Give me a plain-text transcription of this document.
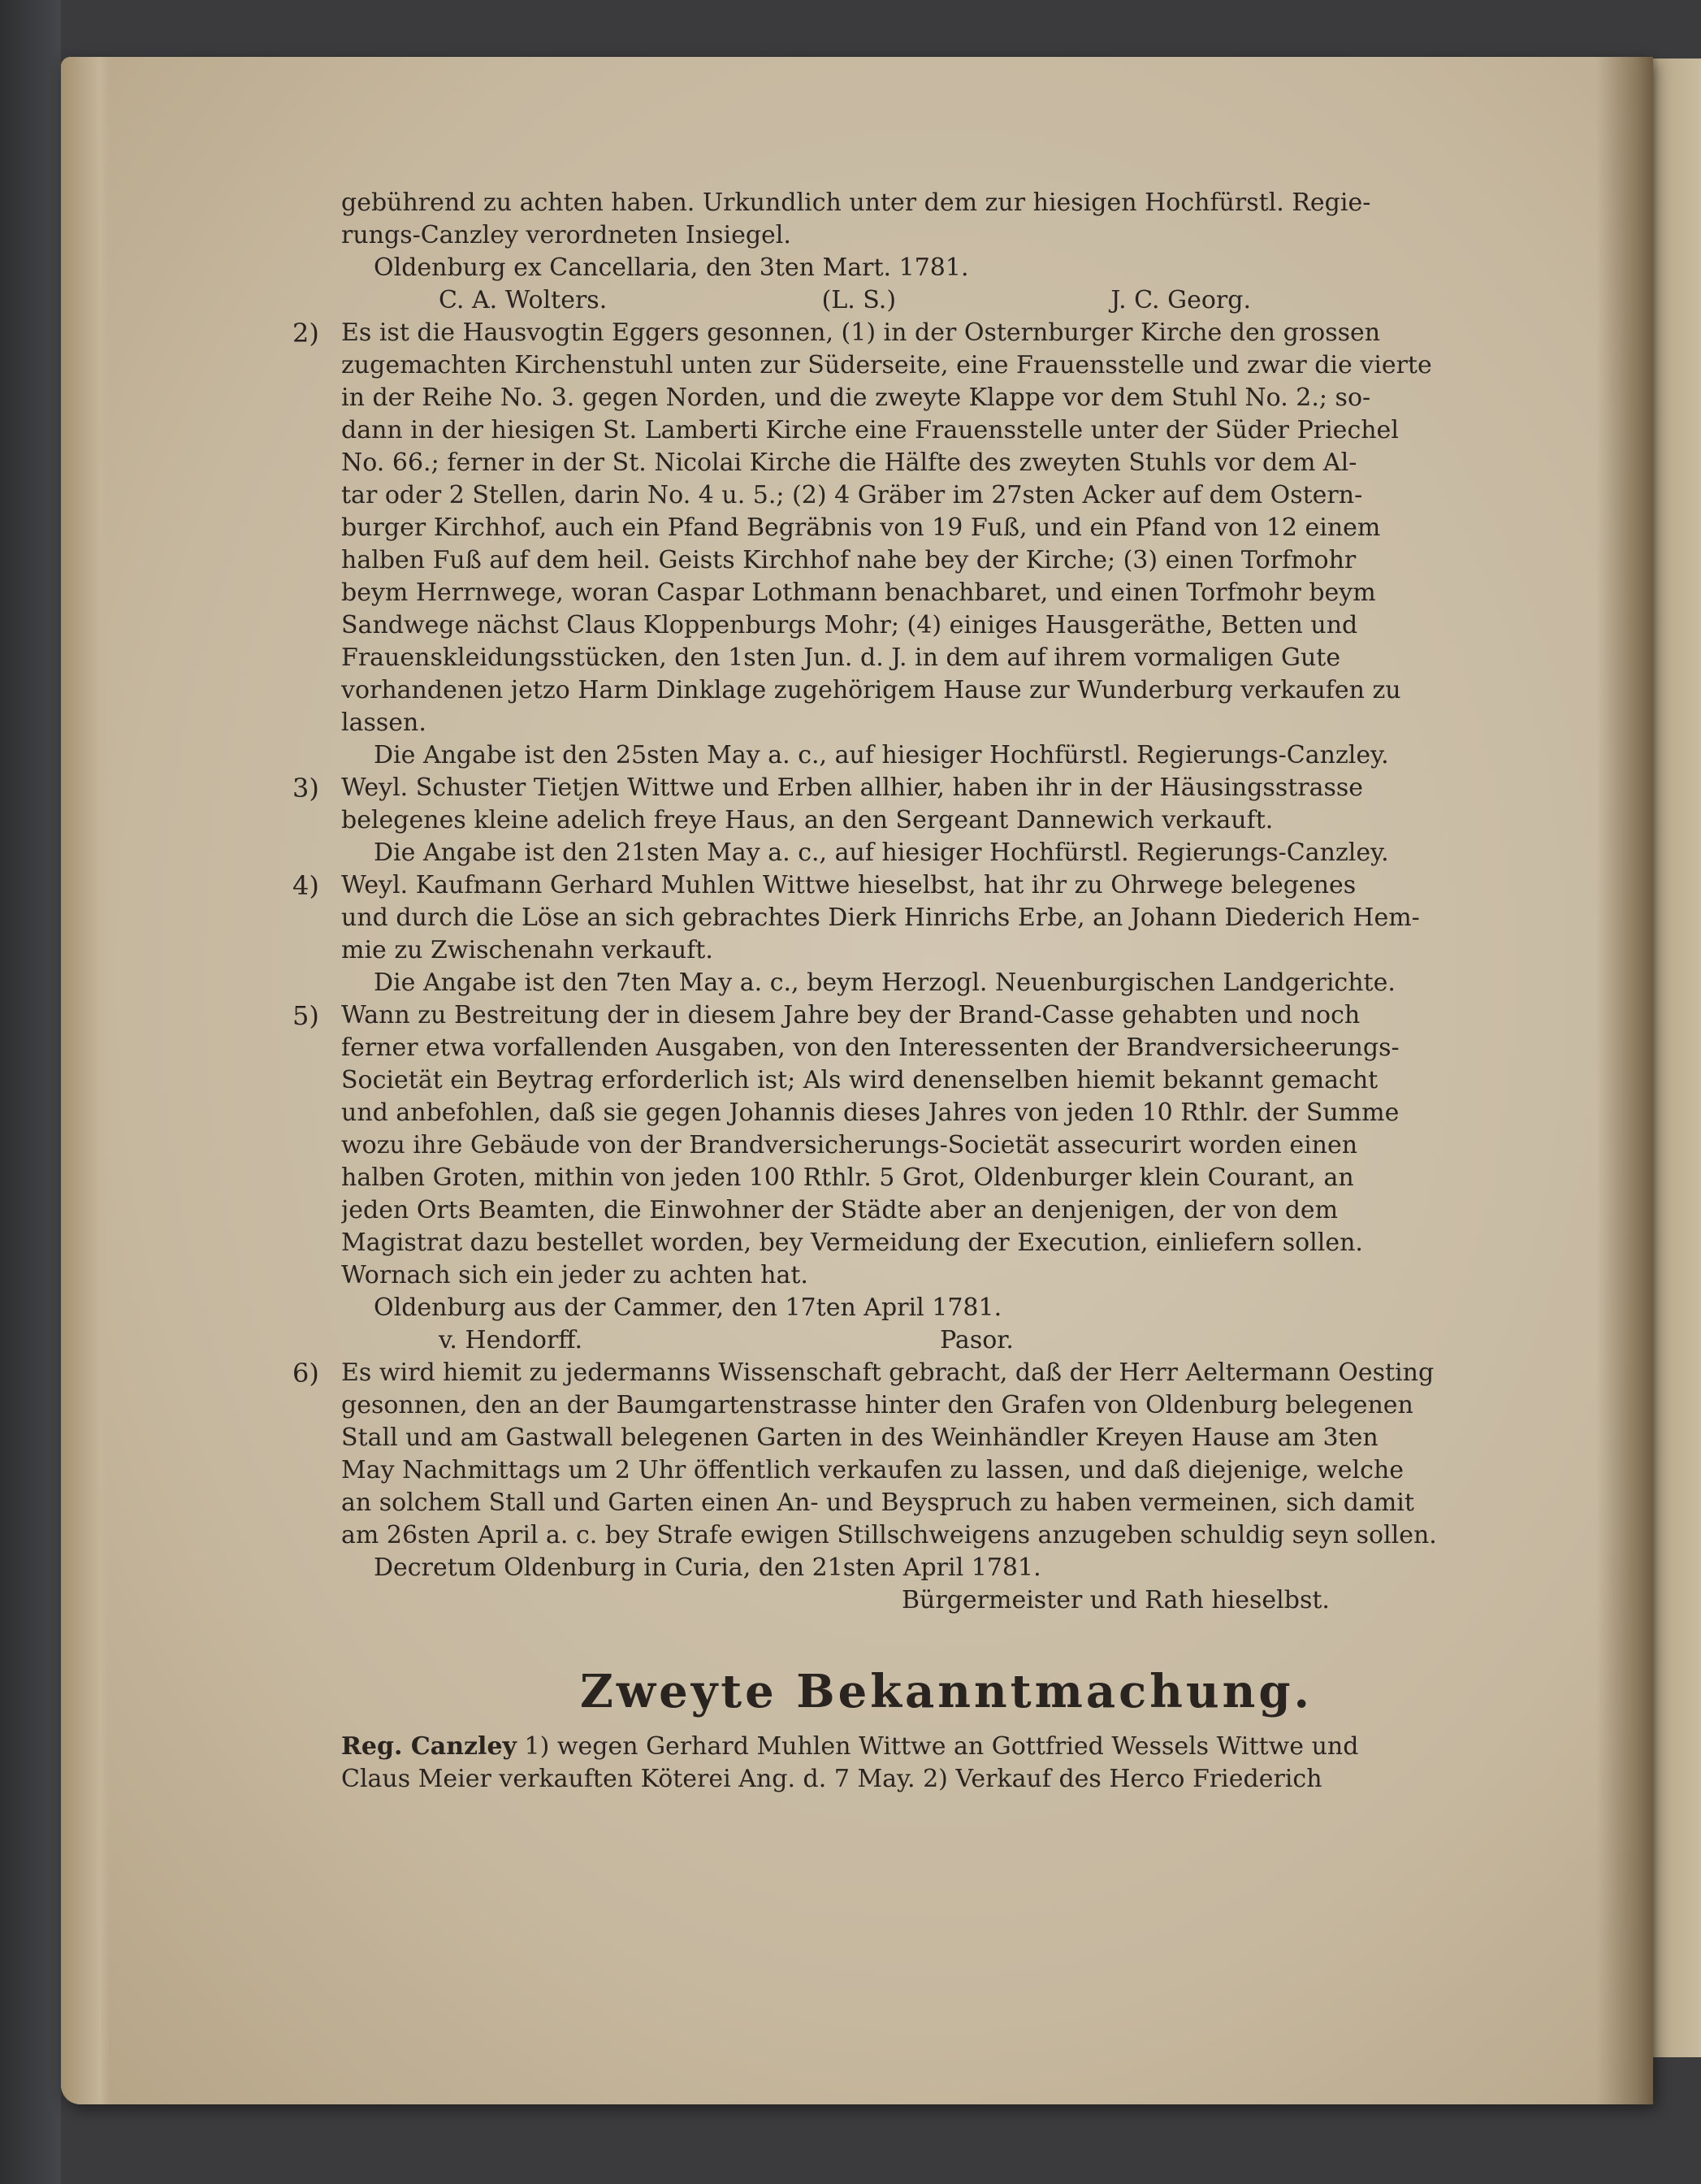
gebührend zu achten haben. Urkundlich unter dem zur hiesigen Hochfürstl. Regie-
rungs-Canzley verordneten Insiegel.
Oldenburg ex Cancellaria, den 3ten Mart. 1781.
C. A. Wolters.	(L. S.)	J. C. Georg.
2) Es ist die Hausvogtin Eggers gesonnen, (1) in der Osternburger Kirche den grossen
zugemachten Kirchenstuhl unten zur Süderseite, eine Frauensstelle und zwar die vierte
in der Reihe No. 3. gegen Norden, und die zweyte Klappe vor dem Stuhl No. 2.; so-
dann in der hiesigen St. Lamberti Kirche eine Frauensstelle unter der Süder Priechel
No. 66.; ferner in der St. Nicolai Kirche die Hälfte des zweyten Stuhls vor dem Al-
tar oder 2 Stellen, darin No. 4 u. 5.; (2) 4 Gräber im 27sten Acker auf dem Ostern-
burger Kirchhof, auch ein Pfand Begräbnis von 19 Fuß, und ein Pfand von 12 einem
halben Fuß auf dem heil. Geists Kirchhof nahe bey der Kirche; (3) einen Torfmohr
beym Herrnwege, woran Caspar Lothmann benachbaret, und einen Torfmohr beym
Sandwege nächst Claus Kloppenburgs Mohr; (4) einiges Hausgeräthe, Betten und
Frauenskleidungsstücken, den 1sten Jun. d. J. in dem auf ihrem vormaligen Gute
vorhandenen jetzo Harm Dinklage zugehörigem Hause zur Wunderburg verkaufen zu
lassen.
Die Angabe ist den 25sten May a. c., auf hiesiger Hochfürstl. Regierungs-Canzley.
3) Weyl. Schuster Tietjen Wittwe und Erben allhier, haben ihr in der Häusingsstrasse
belegenes kleine adelich freye Haus, an den Sergeant Dannewich verkauft.
Die Angabe ist den 21sten May a. c., auf hiesiger Hochfürstl. Regierungs-Canzley.
4) Weyl. Kaufmann Gerhard Muhlen Wittwe hieselbst, hat ihr zu Ohrwege belegenes
und durch die Löse an sich gebrachtes Dierk Hinrichs Erbe, an Johann Diederich Hem-
mie zu Zwischenahn verkauft.
Die Angabe ist den 7ten May a. c., beym Herzogl. Neuenburgischen Landgerichte.
5) Wann zu Bestreitung der in diesem Jahre bey der Brand-Casse gehabten und noch
ferner etwa vorfallenden Ausgaben, von den Interessenten der Brandversicheerungs-
Societät ein Beytrag erforderlich ist; Als wird denenselben hiemit bekannt gemacht
und anbefohlen, daß sie gegen Johannis dieses Jahres von jeden 10 Rthlr. der Summe
wozu ihre Gebäude von der Brandversicherungs-Societät assecurirt worden einen
halben Groten, mithin von jeden 100 Rthlr. 5 Grot, Oldenburger klein Courant, an
jeden Orts Beamten, die Einwohner der Städte aber an denjenigen, der von dem
Magistrat dazu bestellet worden, bey Vermeidung der Execution, einliefern sollen.
Wornach sich ein jeder zu achten hat.
Oldenburg aus der Cammer, den 17ten April 1781.
v. Hendorff.	Pasor.
6) Es wird hiemit zu jedermanns Wissenschaft gebracht, daß der Herr Aeltermann Oesting
gesonnen, den an der Baumgartenstrasse hinter den Grafen von Oldenburg belegenen
Stall und am Gastwall belegenen Garten in des Weinhändler Kreyen Hause am 3ten
May Nachmittags um 2 Uhr öffentlich verkaufen zu lassen, und daß diejenige, welche
an solchem Stall und Garten einen An- und Beyspruch zu haben vermeinen, sich damit
am 26sten April a. c. bey Strafe ewigen Stillschweigens anzugeben schuldig seyn sollen.
Decretum Oldenburg in Curia, den 21sten April 1781.
Bürgermeister und Rath hieselbst.
Zweyte Bekanntmachung.
Reg. Canzley 1) wegen Gerhard Muhlen Wittwe an Gottfried Wessels Wittwe und
Claus Meier verkauften Köterei Ang. d. 7 May. 2) Verkauf des Herco Friederich
